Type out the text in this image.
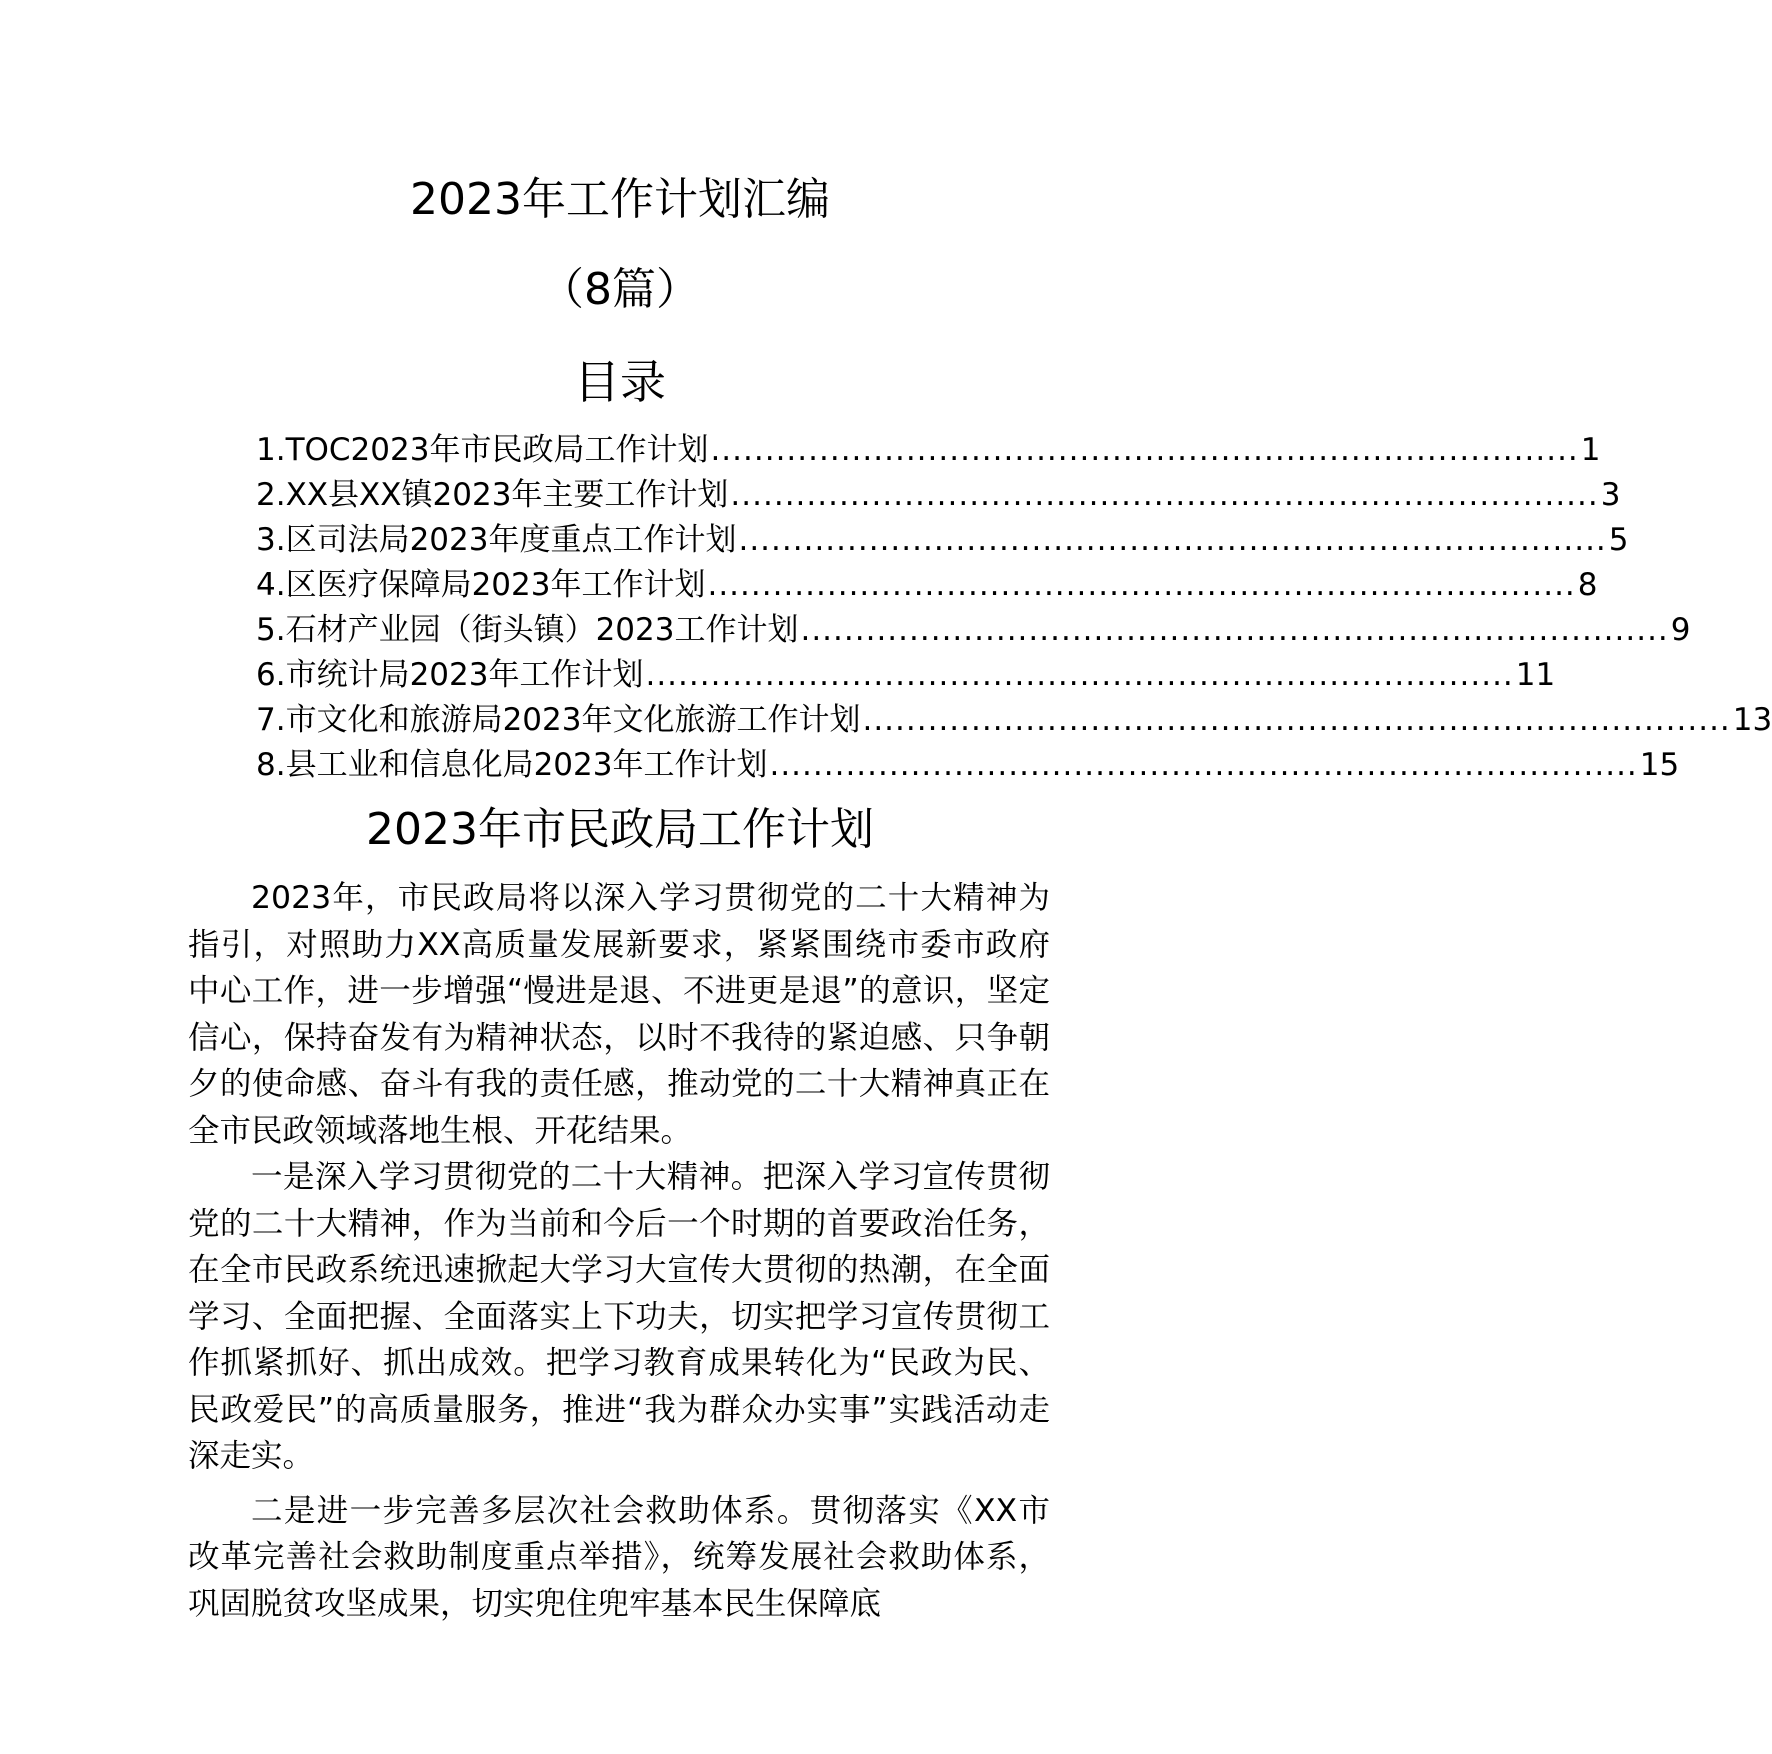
2023年工作计划汇编
（8篇）
目录
1.TOC2023年市民政局工作计划 ................................................................................ 1
2.XX县XX镇2023年主要工作计划 ................................................................................ 3
3.区司法局2023年度重点工作计划 ................................................................................ 5
4.区医疗保障局2023年工作计划 ................................................................................ 8
5.石材产业园（街头镇）2023工作计划 ................................................................................ 9
6.市统计局2023年工作计划 ................................................................................ 11
7.市文化和旅游局2023年文化旅游工作计划 ................................................................................ 13
8.县工业和信息化局2023年工作计划 ................................................................................ 15
2023年市民政局工作计划

2023年，市民政局将以深入学习贯彻党的二十大精神为指引，对照助力XX高质量发展新要求，紧紧围绕市委市政府中心工作，进一步增强“慢进是退、不进更是退”的意识，坚定信心，保持奋发有为精神状态，以时不我待的紧迫感、只争朝夕的使命感、奋斗有我的责任感，推动党的二十大精神真正在全市民政领域落地生根、开花结果。

一是深入学习贯彻党的二十大精神。把深入学习宣传贯彻党的二十大精神，作为当前和今后一个时期的首要政治任务，在全市民政系统迅速掀起大学习大宣传大贯彻的热潮，在全面学习、全面把握、全面落实上下功夫，切实把学习宣传贯彻工作抓紧抓好、抓出成效。把学习教育成果转化为“民政为民、民政爱民”的高质量服务，推进“我为群众办实事”实践活动走深走实。

二是进一步完善多层次社会救助体系。贯彻落实《XX市改革完善社会救助制度重点举措》，统筹发展社会救助体系，巩固脱贫攻坚成果，切实兜住兜牢基本民生保障底
